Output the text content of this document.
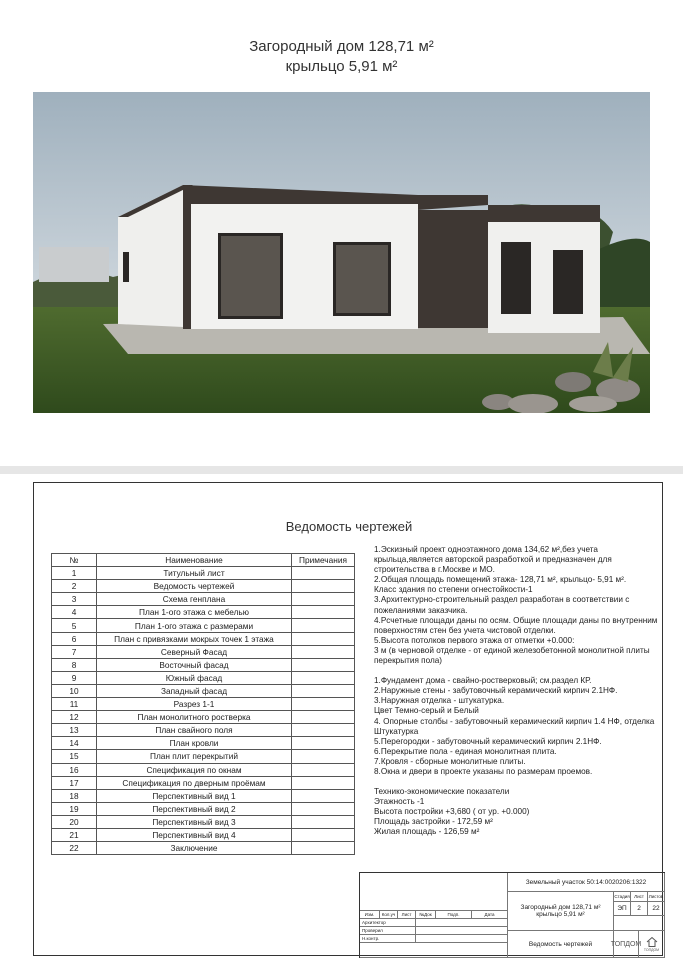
Загородный дом 128,71 м²
крыльцо 5,91 м²
Ведомость чертежей
№	Наименование	Примечания
1	Титульный лист	
2	Ведомость чертежей	
3	Схема генплана	
4	План 1-ого этажа с мебелью	
5	План 1-ого этажа с размерами	
6	План с привязками мокрых точек 1 этажа	
7	Северный Фасад	
8	Восточный фасад	
9	Южный фасад	
10	Западный фасад	
11	Разрез 1-1	
12	План монолитного ростверка	
13	План свайного поля	
14	План кровли	
15	План плит перекрытий	
16	Спецификация по окнам	
17	Спецификация по дверным проёмам	
18	Перспективный вид 1	
19	Перспективный вид 2	
20	Перспективный вид 3	
21	Перспективный вид 4	
22	Заключение	

1.Эскизный проект одноэтажного дома 134,62 м²,без учета крыльца,является авторской разработкой и предназначен для строительства в г.Москве и МО.

2.Общая площадь помещений этажа- 128,71 м², крыльцо- 5,91 м².

Класс здания по степени огнестойкости-1

3.Архитектурно-строительный раздел разработан в соответствии с пожеланиями заказчика.

4.Рсчетные площади даны по осям. Общие площади даны по внутренним поверхностям стен без учета чистовой отделки.

5.Высота потолков первого этажа от отметки +0.000:

3 м (в черновой отделке - от единой железобетонной монолитной плиты перекрытия пола)

1.Фундамент дома - свайно-ростверковый; см.раздел КР.

2.Наружные стены - забутовочный керамический кирпич 2.1НФ.

3.Наружная отделка - штукатурка.

Цвет Темно-серый и Белый

4. Опорные столбы - забутовочный керамический кирпич 1.4 НФ, отделка

Штукатурка

5.Перегородки - забутовочный керамический кирпич 2.1НФ.

6.Перекрытие пола - единая монолитная плита.

7.Кровля - сборные монолитные плиты.

8.Окна и двери в проекте указаны по размерам проемов.

Технико-экономические показатели

Этажность -1

Высота постройки +3,680 ( от ур. +0.000)

Площадь застройки - 172,59 м²

Жилая площадь - 126,59 м²

Изм.	Кол.уч	Лист	№Док	Подп.	Дата
Архитектор
Проверил
Н.контр.
Земельный участок 50:14:0020206:1322
Загородный дом 128,71 м²
крыльцо 5,91 м²
Стадия Лист	Листов
ЭП	2	22
Ведомость чертежей	ТОПДОМ
ТОПДОМ
